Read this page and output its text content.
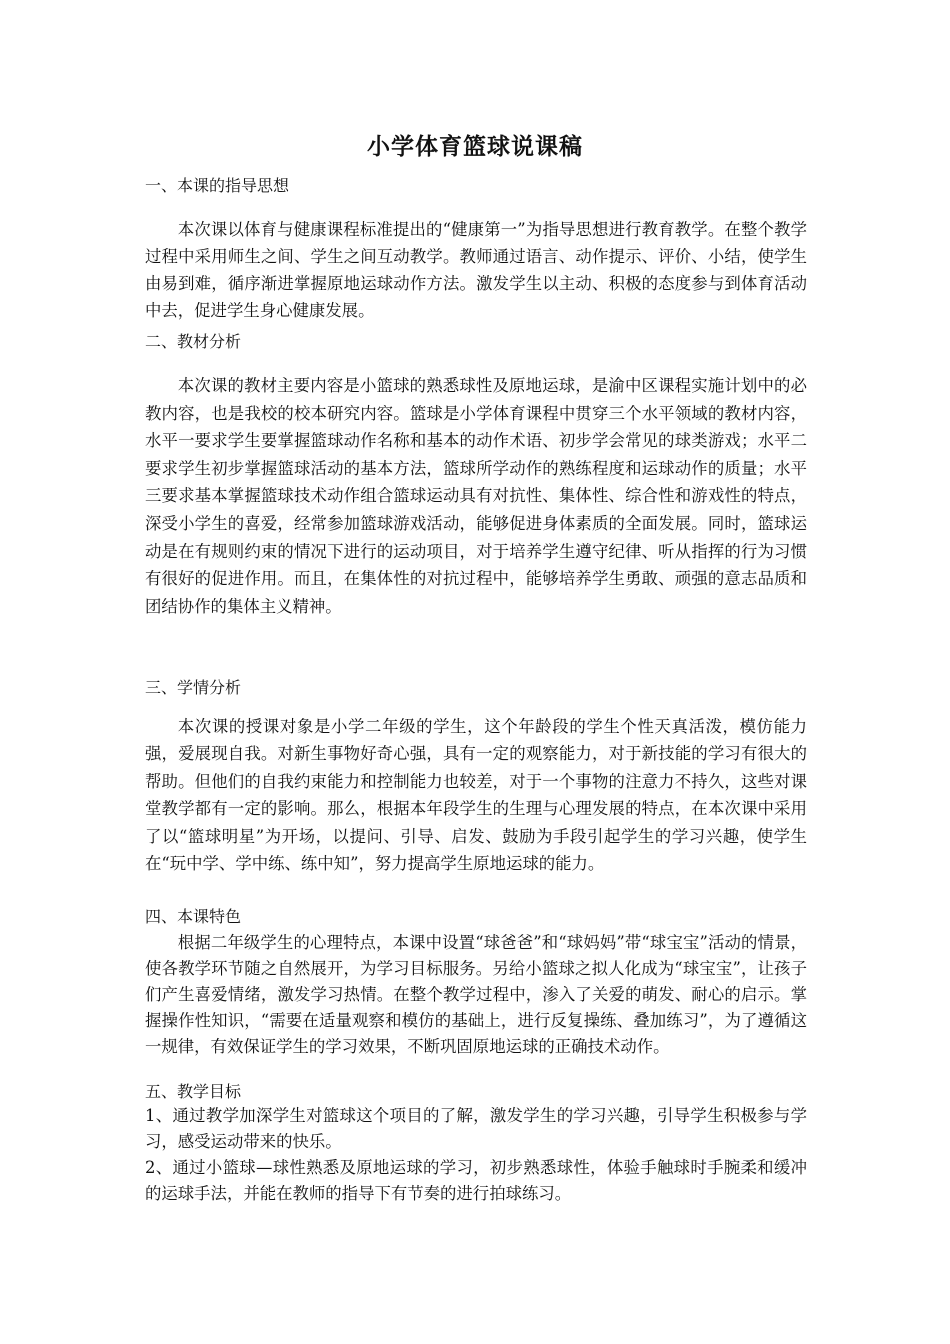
小学体育篮球说课稿
一、本课的指导思想

本次课以体育与健康课程标准提出的“健康第一”为指导思想进行教育教学。在整个教学过程中采用师生之间、学生之间互动教学。教师通过语言、动作提示、评价、小结，使学生由易到难，循序渐进掌握原地运球动作方法。激发学生以主动、积极的态度参与到体育活动中去，促进学生身心健康发展。

二、教材分析

本次课的教材主要内容是小篮球的熟悉球性及原地运球，是渝中区课程实施计划中的必教内容，也是我校的校本研究内容。篮球是小学体育课程中贯穿三个水平领域的教材内容，水平一要求学生要掌握篮球动作名称和基本的动作术语、初步学会常见的球类游戏；水平二要求学生初步掌握篮球活动的基本方法，篮球所学动作的熟练程度和运球动作的质量；水平三要求基本掌握篮球技术动作组合篮球运动具有对抗性、集体性、综合性和游戏性的特点，深受小学生的喜爱，经常参加篮球游戏活动，能够促进身体素质的全面发展。同时，篮球运动是在有规则约束的情况下进行的运动项目，对于培养学生遵守纪律、听从指挥的行为习惯有很好的促进作用。而且，在集体性的对抗过程中，能够培养学生勇敢、顽强的意志品质和团结协作的集体主义精神。

三、学情分析

本次课的授课对象是小学二年级的学生，这个年龄段的学生个性天真活泼，模仿能力强，爱展现自我。对新生事物好奇心强，具有一定的观察能力，对于新技能的学习有很大的帮助。但他们的自我约束能力和控制能力也较差，对于一个事物的注意力不持久，这些对课堂教学都有一定的影响。那么，根据本年段学生的生理与心理发展的特点，在本次课中采用了以“篮球明星”为开场，以提问、引导、启发、鼓励为手段引起学生的学习兴趣，使学生在“玩中学、学中练、练中知”，努力提高学生原地运球的能力。

四、本课特色

根据二年级学生的心理特点，本课中设置“球爸爸”和“球妈妈”带“球宝宝”活动的情景，使各教学环节随之自然展开，为学习目标服务。另给小篮球之拟人化成为“球宝宝”，让孩子们产生喜爱情绪，激发学习热情。在整个教学过程中，渗入了关爱的萌发、耐心的启示。掌握操作性知识，“需要在适量观察和模仿的基础上，进行反复操练、叠加练习”，为了遵循这一规律，有效保证学生的学习效果，不断巩固原地运球的正确技术动作。

五、教学目标

1、通过教学加深学生对篮球这个项目的了解，激发学生的学习兴趣，引导学生积极参与学习，感受运动带来的快乐。

2、通过小篮球—球性熟悉及原地运球的学习，初步熟悉球性，体验手触球时手腕柔和缓冲的运球手法，并能在教师的指导下有节奏的进行拍球练习。
